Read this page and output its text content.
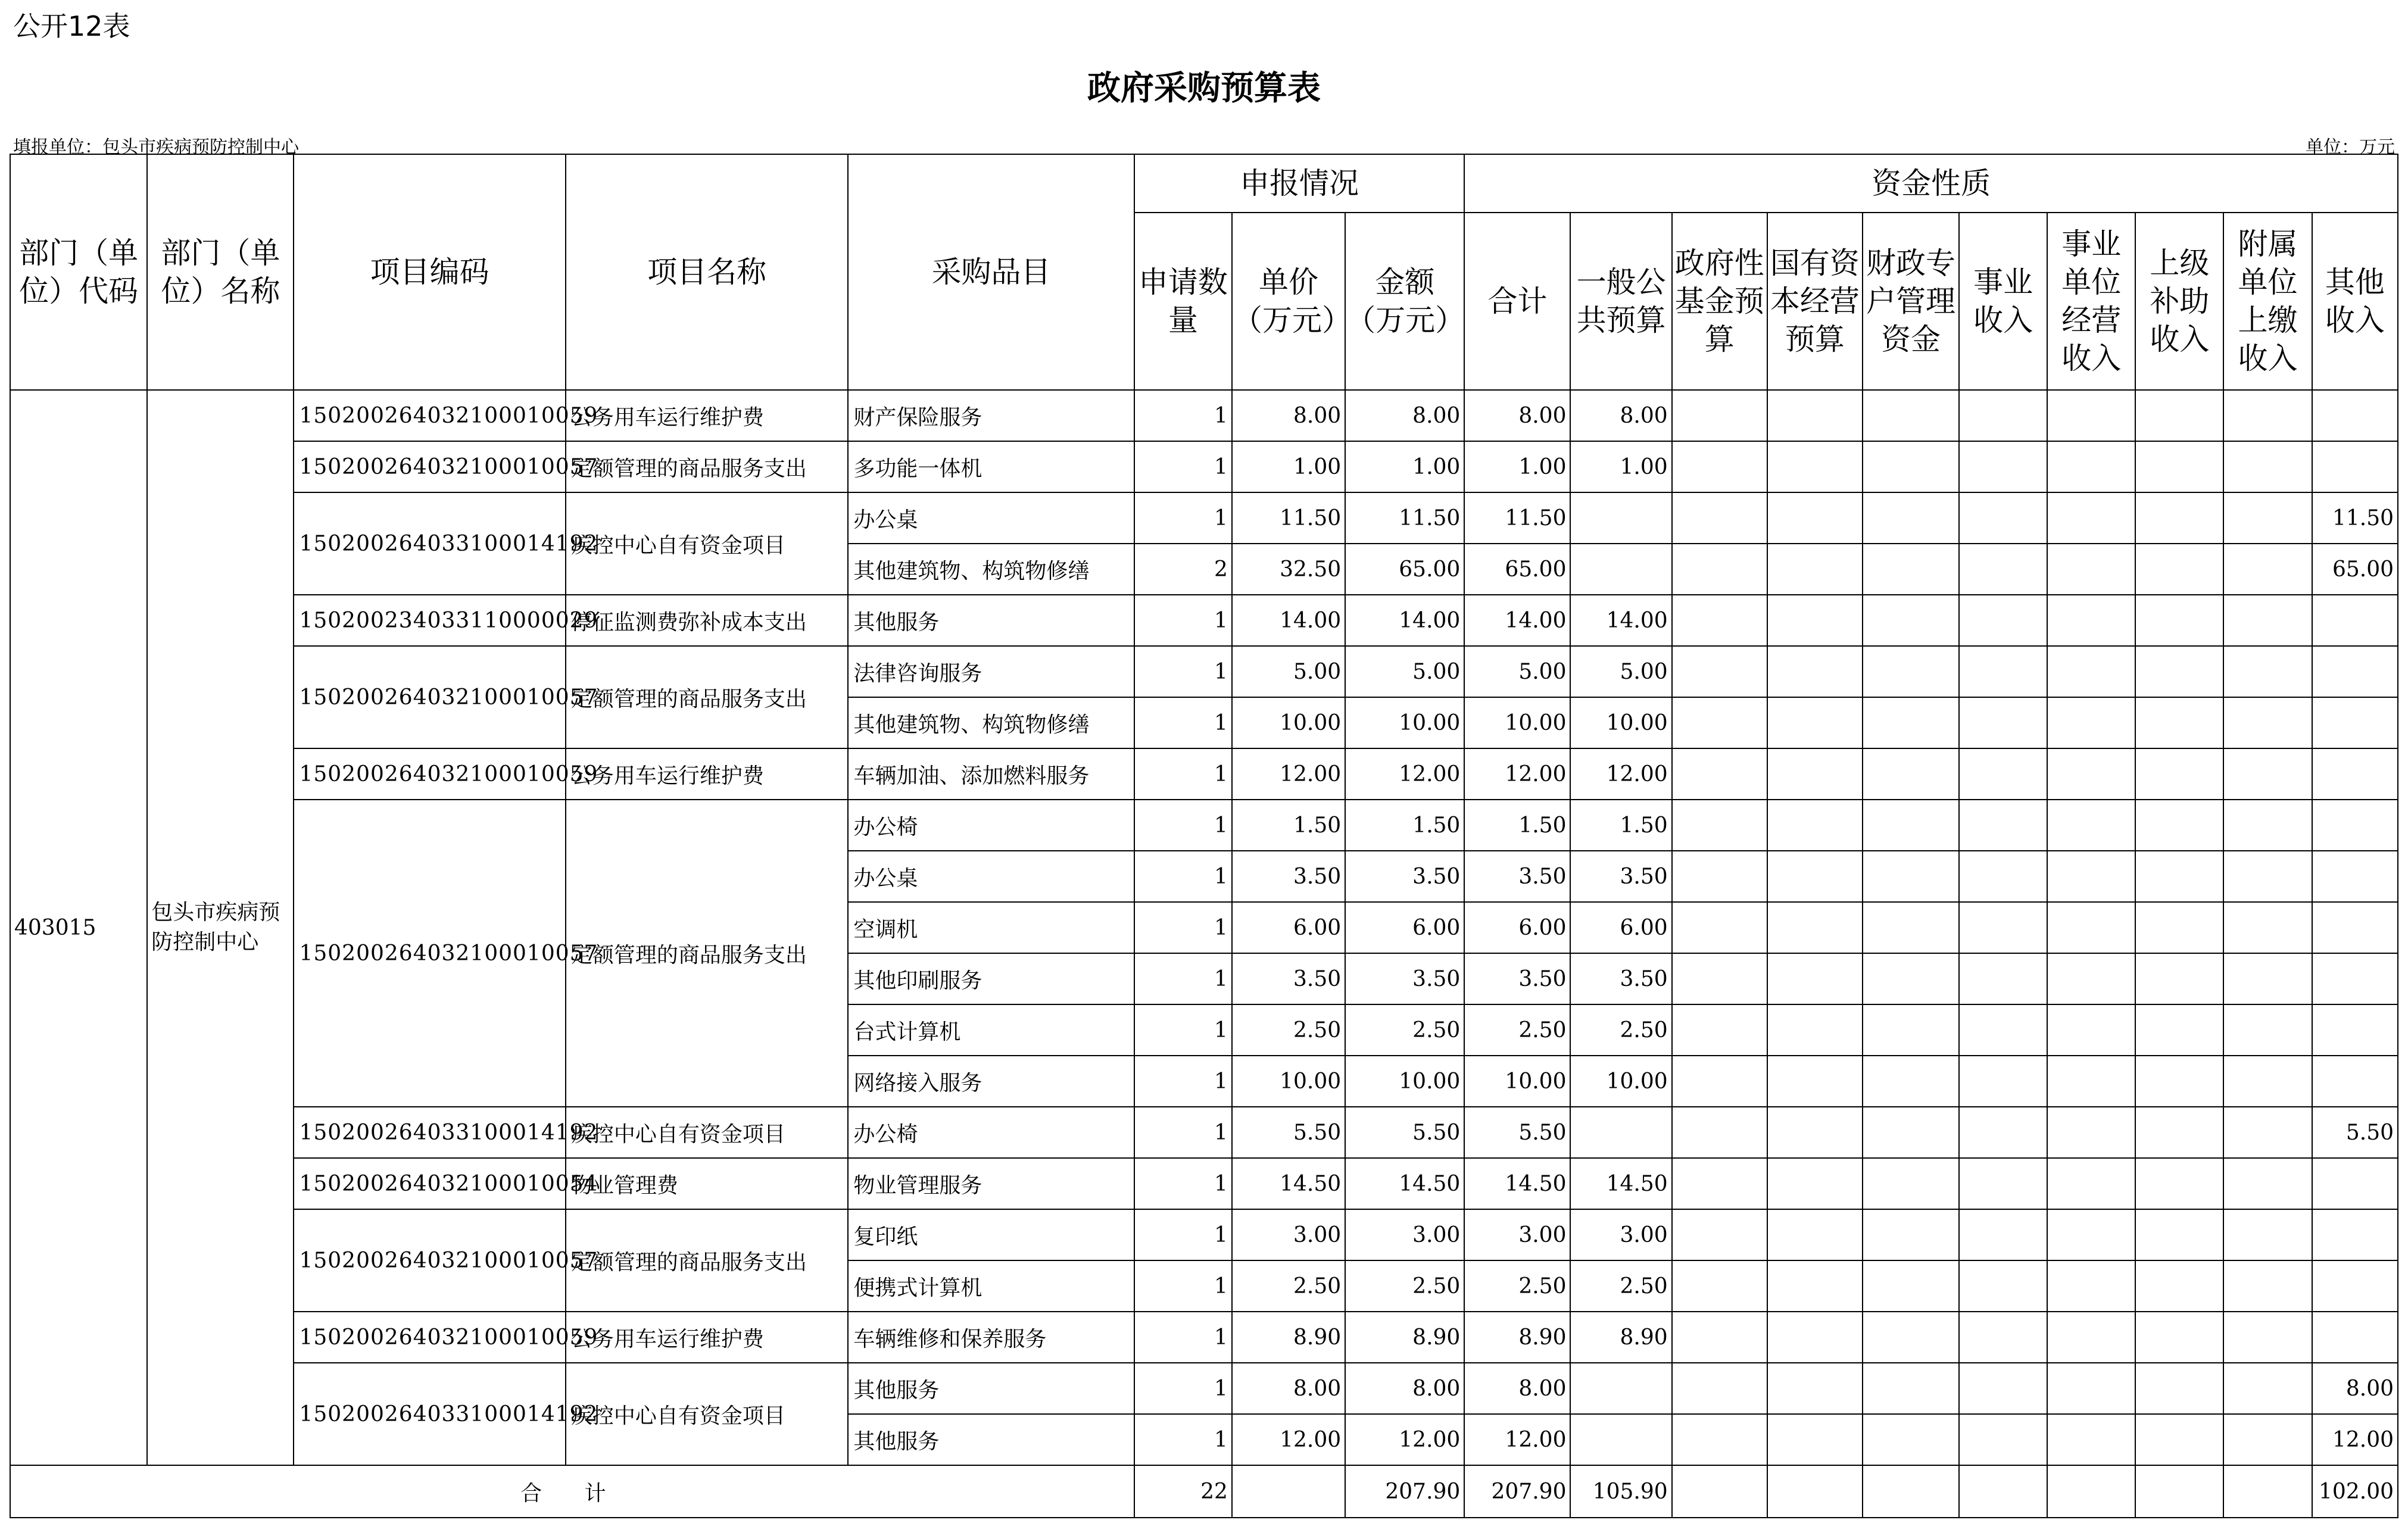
公开12表
政府采购预算表
填报单位：包头市疾病预防控制中心	单位：万元
部门（单位）代码	部门（单位）名称	项目编码	项目名称	采购品目	申报情况			资金性质									
					申请数量	单价（万元）	金额（万元）	合计	一般公共预算	政府性基金预算	国有资本经营预算	财政专户管理资金	事业收入	事业单位经营收入	上级补助收入	附属单位上缴收入	其他收入
403015	包头市疾病预防控制中心	150200264032100010059	公务用车运行维护费	财产保险服务	1	8.00	8.00	8.00	8.00								
		150200264032100010057	定额管理的商品服务支出	多功能一体机	1	1.00	1.00	1.00	1.00								
		150200264033100014192	疾控中心自有资金项目	办公桌	1	11.50	11.50	11.50									11.50
				其他建筑物、构筑物修缮	2	32.50	65.00	65.00									65.00
		150200234033110000029	停征监测费弥补成本支出	其他服务	1	14.00	14.00	14.00	14.00								
		150200264032100010057	定额管理的商品服务支出	法律咨询服务	1	5.00	5.00	5.00	5.00								
				其他建筑物、构筑物修缮	1	10.00	10.00	10.00	10.00								
		150200264032100010059	公务用车运行维护费	车辆加油、添加燃料服务	1	12.00	12.00	12.00	12.00								
		150200264032100010057	定额管理的商品服务支出	办公椅	1	1.50	1.50	1.50	1.50								
				办公桌	1	3.50	3.50	3.50	3.50								
				空调机	1	6.00	6.00	6.00	6.00								
				其他印刷服务	1	3.50	3.50	3.50	3.50								
				台式计算机	1	2.50	2.50	2.50	2.50								
				网络接入服务	1	10.00	10.00	10.00	10.00								
		150200264033100014192	疾控中心自有资金项目	办公椅	1	5.50	5.50	5.50									5.50
		150200264032100010054	物业管理费	物业管理服务	1	14.50	14.50	14.50	14.50								
		150200264032100010057	定额管理的商品服务支出	复印纸	1	3.00	3.00	3.00	3.00								
				便携式计算机	1	2.50	2.50	2.50	2.50								
		150200264032100010059	公务用车运行维护费	车辆维修和保养服务	1	8.90	8.90	8.90	8.90								
		150200264033100014192	疾控中心自有资金项目	其他服务	1	8.00	8.00	8.00									8.00
				其他服务	1	12.00	12.00	12.00									12.00
合 计					22		207.90	207.90	105.90								102.00
